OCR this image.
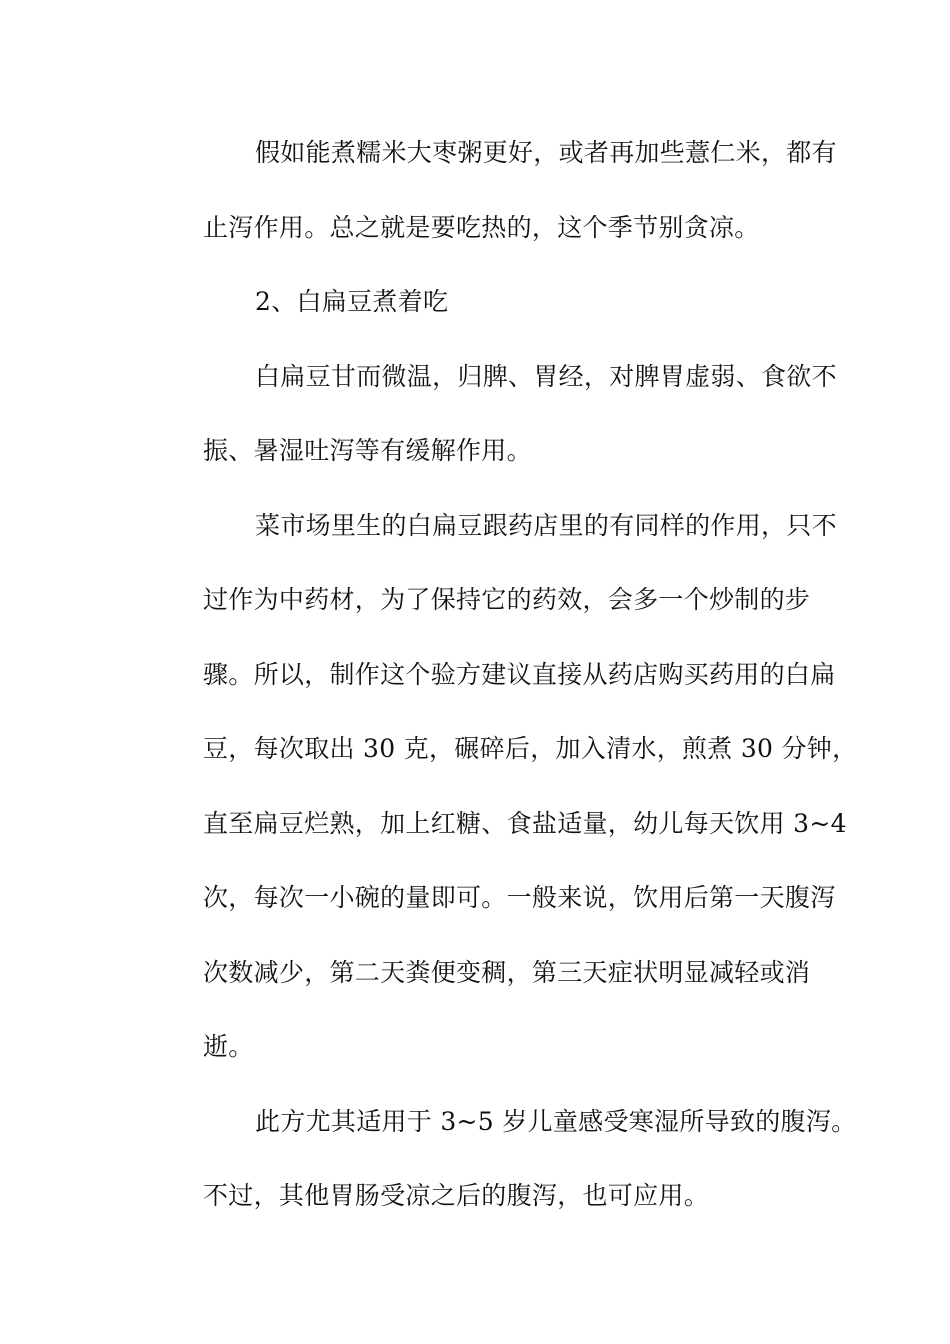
假如能煮糯米大枣粥更好，或者再加些薏仁米，都有
止泻作用。总之就是要吃热的，这个季节别贪凉。
2、白扁豆煮着吃
白扁豆甘而微温，归脾、胃经，对脾胃虚弱、食欲不
振、暑湿吐泻等有缓解作用。
菜市场里生的白扁豆跟药店里的有同样的作用，只不
过作为中药材，为了保持它的药效，会多一个炒制的步
骤。所以，制作这个验方建议直接从药店购买药用的白扁
豆，每次取出 30 克，碾碎后，加入清水，煎煮 30 分钟，
直至扁豆烂熟，加上红糖、食盐适量，幼儿每天饮用 3~4
次，每次一小碗的量即可。一般来说，饮用后第一天腹泻
次数减少，第二天粪便变稠，第三天症状明显减轻或消
逝。
此方尤其适用于 3~5 岁儿童感受寒湿所导致的腹泻。
不过，其他胃肠受凉之后的腹泻，也可应用。
